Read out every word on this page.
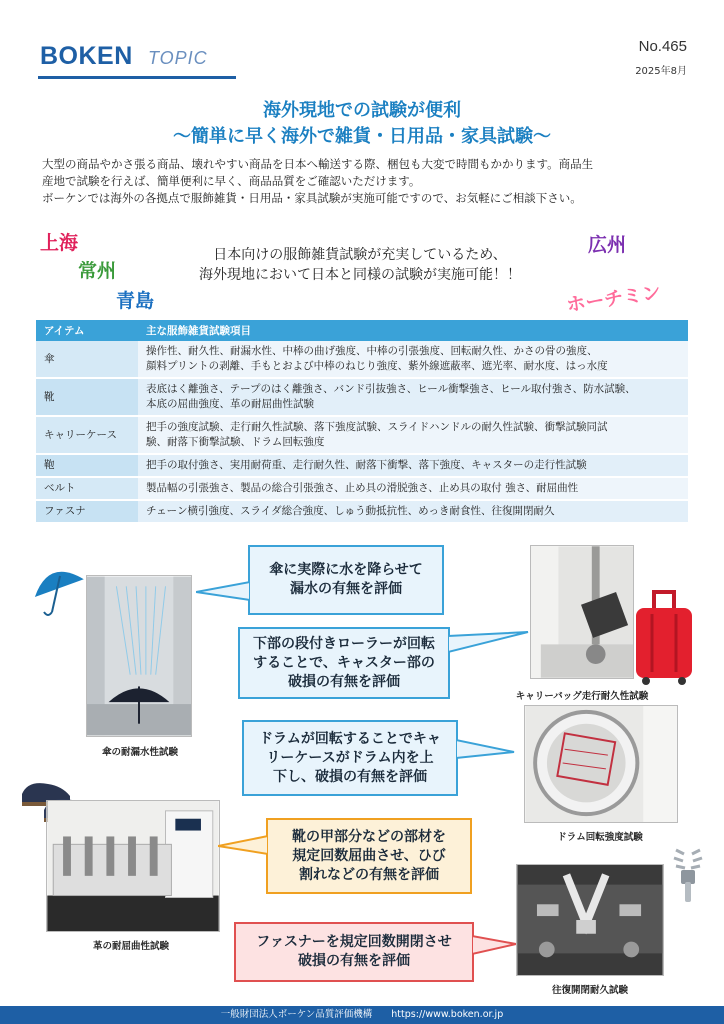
BOKEN TOPIC
No.465
2025年8月
海外現地での試験が便利
〜簡単に早く海外で雑貨・日用品・家具試験〜
大型の商品やかさ張る商品、壊れやすい商品を日本へ輸送する際、梱包も大変で時間もかかります。商品生
産地で試験を行えば、簡単便利に早く、商品品質をご確認いただけます。
ボーケンでは海外の各拠点で服飾雑貨・日用品・家具試験が実施可能ですので、お気軽にご相談下さい。
上海
常州
青島
広州
ホーチミン
日本向けの服飾雑貨試験が充実しているため、
海外現地において日本と同様の試験が実施可能！！
アイテム	主な服飾雑貨試験項目
傘	操作性、耐久性、耐漏水性、中棒の曲げ強度、中棒の引張強度、回転耐久性、かさの骨の強度、
顔料プリントの剥離、手もとおよび中棒のねじり強度、紫外線遮蔽率、遮光率、耐水度、はっ水度

靴	表底はく離強さ、テープのはく離強さ、バンド引抜強さ、ヒール衝撃強さ、ヒール取付強さ、防水試験、
本底の屈曲強度、革の耐屈曲性試験

キャリーケース	把手の強度試験、走行耐久性試験、落下強度試験、スライドハンドルの耐久性試験、衝撃試験同試
験、耐落下衝撃試験、ドラム回転強度

鞄	把手の取付強さ、実用耐荷重、走行耐久性、耐落下衝撃、落下強度、キャスターの走行性試験
ベルト	製品幅の引張強さ、製品の総合引張強さ、止め具の滑脱強さ、止め具の取付 強さ、耐屈曲性
ファスナ	チェーン横引強度、スライダ総合強度、しゅう動抵抗性、めっき耐食性、往復開閉耐久
傘の耐漏水性試験
傘に実際に水を降らせて
漏水の有無を評価
下部の段付きローラーが回転
することで、キャスター部の
破損の有無を評価
キャリーバッグ走行耐久性試験
ドラムが回転することでキャ
リーケースがドラム内を上
下し、破損の有無を評価
ドラム回転強度試験
革の耐屈曲性試験
靴の甲部分などの部材を
規定回数屈曲させ、ひび
割れなどの有無を評価
ファスナーを規定回数開閉させ
破損の有無を評価
往復開閉耐久試験
一般財団法人ボーケン品質評価機構　　https://www.boken.or.jp
